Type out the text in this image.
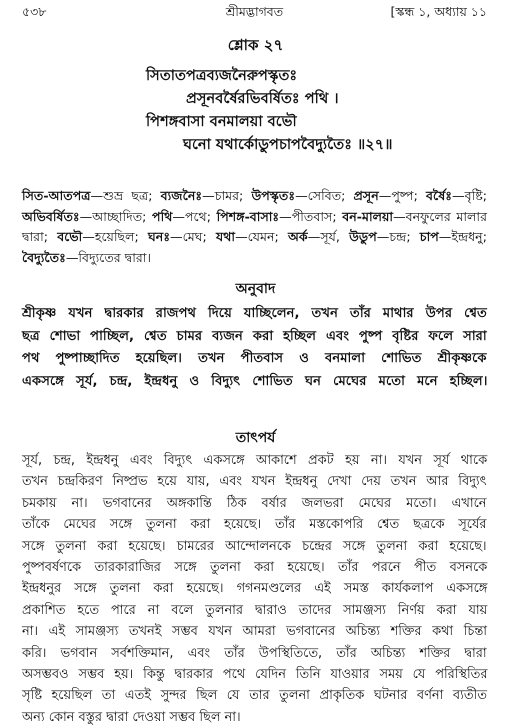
৫৩৮	শ্রীমদ্ভাগবত	[স্কন্ধ ১, অধ্যায় ১১
শ্লোক ২৭
সিতাতপত্রব্যজনৈরুপস্কৃতঃ
প্রসূনবর্ষৈরভিবর্ষিতঃ পথি ।
পিশঙ্গবাসা বনমালয়া বভৌ
ঘনো যথার্কোডুপচাপবৈদ্যুতৈঃ ॥২৭॥
সিত-আতপত্র—শুভ্র ছত্র; ব্যজনৈঃ—চামর; উপস্কৃতঃ—সেবিত; প্রসূন—পুষ্প; বর্ষৈঃ—বৃষ্টি; অভিবর্ষিতঃ—আচ্ছাদিত; পথি—পথে; পিশঙ্গ-বাসাঃ—পীতবাস; বন-মালয়া—বনফুলের মালার দ্বারা; বভৌ—হয়েছিল; ঘনঃ—মেঘ; যথা—যেমন; অর্ক—সূর্য, উডুপ—চন্দ্র; চাপ—ইন্দ্রধনু; বৈদ্যুতৈঃ—বিদ্যুতের দ্বারা।
অনুবাদ
শ্রীকৃষ্ণ যখন দ্বারকার রাজপথ দিয়ে যাচ্ছিলেন, তখন তাঁর মাথার উপর শ্বেত
ছত্র শোভা পাচ্ছিল, শ্বেত চামর ব্যজন করা হচ্ছিল এবং পুষ্প বৃষ্টির ফলে সারা
পথ পুষ্পাচ্ছাদিত হয়েছিল। তখন পীতবাস ও বনমালা শোভিত শ্রীকৃষ্ণকে
একসঙ্গে সূর্য, চন্দ্র, ইন্দ্রধনু ও বিদ্যুৎ শোভিত ঘন মেঘের মতো মনে হচ্ছিল।
তাৎপর্য
সূর্য, চন্দ্র, ইন্দ্রধনু এবং বিদ্যুৎ একসঙ্গে আকাশে প্রকট হয় না। যখন সূর্য থাকে
তখন চন্দ্রকিরণ নিষ্প্রভ হয়ে যায়, এবং যখন ইন্দ্রধনু দেখা দেয় তখন আর বিদ্যুৎ
চমকায় না। ভগবানের অঙ্গকান্তি ঠিক বর্ষার জলভরা মেঘের মতো। এখানে
তাঁকে মেঘের সঙ্গে তুলনা করা হয়েছে। তাঁর মস্তকোপরি শ্বেত ছত্রকে সূর্যের
সঙ্গে তুলনা করা হয়েছে। চামরের আন্দোলনকে চন্দ্রের সঙ্গে তুলনা করা হয়েছে।
পুষ্পবর্ষণকে তারকারাজির সঙ্গে তুলনা করা হয়েছে। তাঁর পরনে পীত বসনকে
ইন্দ্রধনুর সঙ্গে তুলনা করা হয়েছে। গগনমণ্ডলের এই সমস্ত কার্যকলাপ একসঙ্গে
প্রকাশিত হতে পারে না বলে তুলনার দ্বারাও তাদের সামঞ্জস্য নির্ণয় করা যায়
না। এই সামঞ্জস্য তখনই সম্ভব যখন আমরা ভগবানের অচিন্ত্য শক্তির কথা চিন্তা
করি। ভগবান সর্বশক্তিমান, এবং তাঁর উপস্থিতিতে, তাঁর অচিন্ত্য শক্তির দ্বারা
অসম্ভবও সম্ভব হয়। কিন্তু দ্বারকার পথে যেদিন তিনি যাওয়ার সময় যে পরিস্থিতির
সৃষ্টি হয়েছিল তা এতই সুন্দর ছিল যে তার তুলনা প্রাকৃতিক ঘটনার বর্ণনা ব্যতীত
অন্য কোন বস্তুর দ্বারা দেওয়া সম্ভব ছিল না।
